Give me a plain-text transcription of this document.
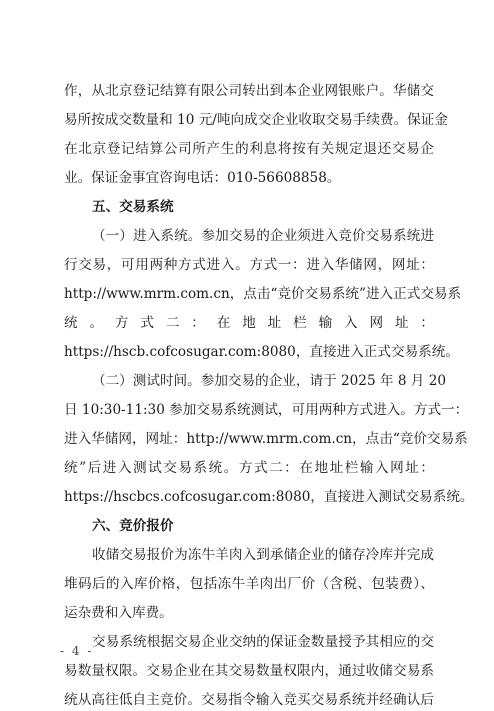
作，从北京登记结算有限公司转出到本企业网银账户。华储交
易所按成交数量和 10 元/吨向成交企业收取交易手续费。保证金
在北京登记结算公司所产生的利息将按有关规定退还交易企
业。保证金事宜咨询电话：010-56608858。
五、交易系统
（一）进入系统。参加交易的企业须进入竞价交易系统进
行交易，可用两种方式进入。方式一：进入华储网，网址：
http://www.mrm.com.cn，点击“竞价交易系统”进入正式交易系
统 。 方 式 二 ： 在 地 址 栏 输 入 网 址 ：
https://hscb.cofcosugar.com:8080，直接进入正式交易系统。
（二）测试时间。参加交易的企业，请于 2025 年 8 月 20
日 10:30-11:30 参加交易系统测试，可用两种方式进入。方式一：
进入华储网，网址：http://www.mrm.com.cn，点击“竞价交易系
统”后进入测试交易系统。方式二：在地址栏输入网址：
https://hscbcs.cofcosugar.com:8080，直接进入测试交易系统。
六、竞价报价
收储交易报价为冻牛羊肉入到承储企业的储存冷库并完成
堆码后的入库价格，包括冻牛羊肉出厂价（含税、包装费）、
运杂费和入库费。
交易系统根据交易企业交纳的保证金数量授予其相应的交
易数量权限。交易企业在其交易数量权限内，通过收储交易系
统从高往低自主竞价。交易指令输入竞买交易系统并经确认后
- 4 -
